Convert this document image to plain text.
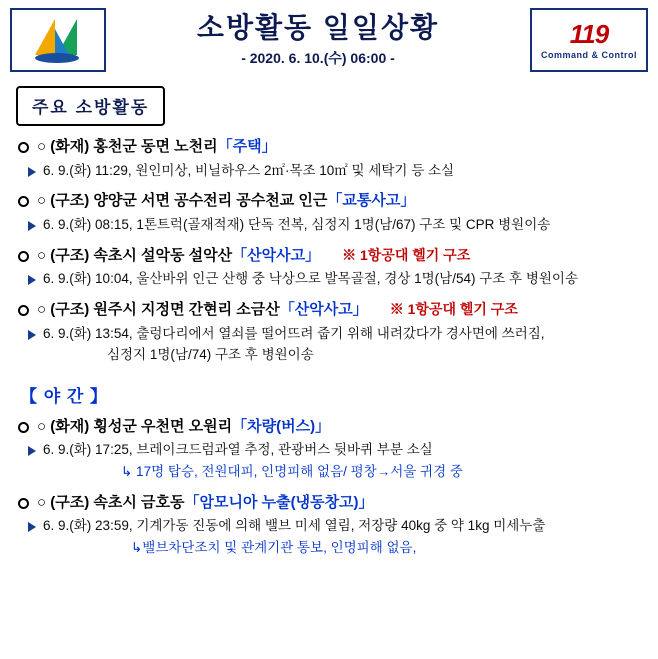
소방활동 일일상황
- 2020. 6. 10.(수) 06:00 -
119
Command & Control
주요 소방활동
○ (화재) 홍천군 동면 노천리「주택」
6. 9.(화) 11:29, 원인미상, 비닐하우스 2㎡·목조 10㎡ 및 세탁기 등 소실
○ (구조) 양양군 서면 공수전리 공수천교 인근「교통사고」
6. 9.(화) 08:15, 1톤트럭(골재적재) 단독 전복, 심정지 1명(남/67) 구조 및 CPR 병원이송
○ (구조) 속초시 설악동 설악산「산악사고」 ※ 1항공대 헬기 구조
6. 9.(화) 10:04, 울산바위 인근 산행 중 낙상으로 발목골절, 경상 1명(남/54) 구조 후 병원이송
○ (구조) 원주시 지정면 간현리 소금산「산악사고」 ※ 1항공대 헬기 구조
6. 9.(화) 13:54, 출렁다리에서 열쇠를 떨어뜨려 줍기 위해 내려갔다가 경사면에 쓰러짐,
심정지 1명(남/74) 구조 후 병원이송
【 야 간 】
○ (화재) 횡성군 우천면 오원리「차량(버스)」
6. 9.(화) 17:25, 브레이크드럼과열 추정, 관광버스 뒷바퀴 부분 소실
↳ 17명 탑승, 전원대피, 인명피해 없음/ 평창→서울 귀경 중
○ (구조) 속초시 금호동「암모니아 누출(냉동창고)」
6. 9.(화) 23:59, 기계가동 진동에 의해 밸브 미세 열림, 저장량 40kg 중 약 1kg 미세누출
↳밸브차단조치 및 관계기관 통보, 인명피해 없음,
